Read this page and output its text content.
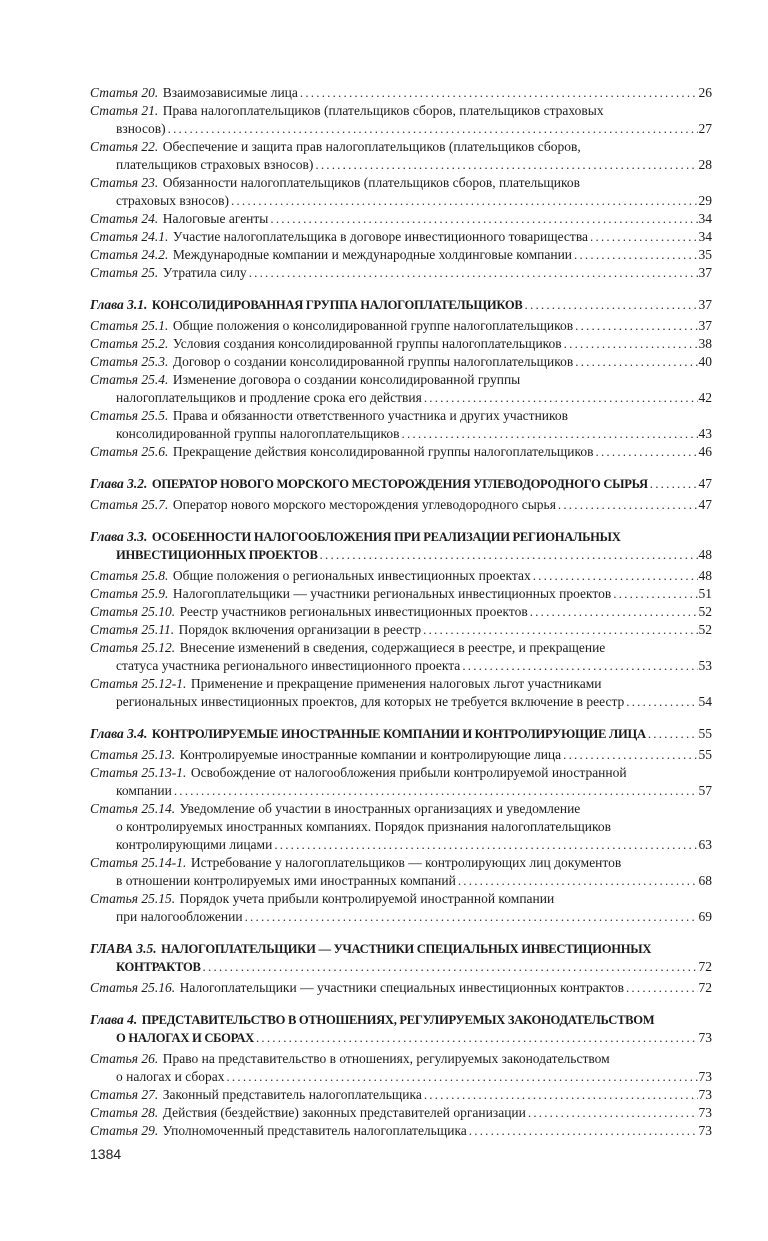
Статья 20. Взаимозависимые лица .....	26
Статья 21. Права налогоплательщиков (плательщиков сборов, плательщиков страховых
взносов) .....	27
Статья 22. Обеспечение и защита прав налогоплательщиков (плательщиков сборов,
плательщиков страховых взносов) .....	28
Статья 23. Обязанности налогоплательщиков (плательщиков сборов, плательщиков
страховых взносов) .....	29
Статья 24. Налоговые агенты .....	34
Статья 24.1. Участие налогоплательщика в договоре инвестиционного товарищества .....	34
Статья 24.2. Международные компании и международные холдинговые компании .....	35
Статья 25. Утратила силу .....	37
Глава 3.1. КОНСОЛИДИРОВАННАЯ ГРУППА НАЛОГОПЛАТЕЛЬЩИКОВ .....	37
Статья 25.1. Общие положения о консолидированной группе налогоплательщиков .....	37
Статья 25.2. Условия создания консолидированной группы налогоплательщиков .....	38
Статья 25.3. Договор о создании консолидированной группы налогоплательщиков .....	40
Статья 25.4. Изменение договора о создании консолидированной группы
налогоплательщиков и продление срока его действия .....	42
Статья 25.5. Права и обязанности ответственного участника и других участников
консолидированной группы налогоплательщиков .....	43
Статья 25.6. Прекращение действия консолидированной группы налогоплательщиков .....	46
Глава 3.2. ОПЕРАТОР НОВОГО МОРСКОГО МЕСТОРОЖДЕНИЯ УГЛЕВОДОРОДНОГО СЫРЬЯ .....	47
Статья 25.7. Оператор нового морского месторождения углеводородного сырья .....	47
Глава 3.3. ОСОБЕННОСТИ НАЛОГООБЛОЖЕНИЯ ПРИ РЕАЛИЗАЦИИ РЕГИОНАЛЬНЫХ
ИНВЕСТИЦИОННЫХ ПРОЕКТОВ .....	48
Статья 25.8. Общие положения о региональных инвестиционных проектах .....	48
Статья 25.9. Налогоплательщики — участники региональных инвестиционных проектов .....	51
Статья 25.10. Реестр участников региональных инвестиционных проектов .....	52
Статья 25.11. Порядок включения организации в реестр .....	52
Статья 25.12. Внесение изменений в сведения, содержащиеся в реестре, и прекращение
статуса участника регионального инвестиционного проекта .....	53
Статья 25.12-1. Применение и прекращение применения налоговых льгот участниками
региональных инвестиционных проектов, для которых не требуется включение в реестр .....	54
Глава 3.4. КОНТРОЛИРУЕМЫЕ ИНОСТРАННЫЕ КОМПАНИИ И КОНТРОЛИРУЮЩИЕ ЛИЦА .....	55
Статья 25.13. Контролируемые иностранные компании и контролирующие лица .....	55
Статья 25.13-1. Освобождение от налогообложения прибыли контролируемой иностранной
компании .....	57
Статья 25.14. Уведомление об участии в иностранных организациях и уведомление
о контролируемых иностранных компаниях. Порядок признания налогоплательщиков
контролирующими лицами .....	63
Статья 25.14-1. Истребование у налогоплательщиков — контролирующих лиц документов
в отношении контролируемых ими иностранных компаний .....	68
Статья 25.15. Порядок учета прибыли контролируемой иностранной компании
при налогообложении .....	69
ГЛАВА 3.5. НАЛОГОПЛАТЕЛЬЩИКИ — УЧАСТНИКИ СПЕЦИАЛЬНЫХ ИНВЕСТИЦИОННЫХ
КОНТРАКТОВ .....	72
Статья 25.16. Налогоплательщики — участники специальных инвестиционных контрактов .....	72
Глава 4. ПРЕДСТАВИТЕЛЬСТВО В ОТНОШЕНИЯХ, РЕГУЛИРУЕМЫХ ЗАКОНОДАТЕЛЬСТВОМ
О НАЛОГАХ И СБОРАХ .....	73
Статья 26. Право на представительство в отношениях, регулируемых законодательством
о налогах и сборах .....	73
Статья 27. Законный представитель налогоплательщика .....	73
Статья 28. Действия (бездействие) законных представителей организации .....	73
Статья 29. Уполномоченный представитель налогоплательщика .....	73
1384
